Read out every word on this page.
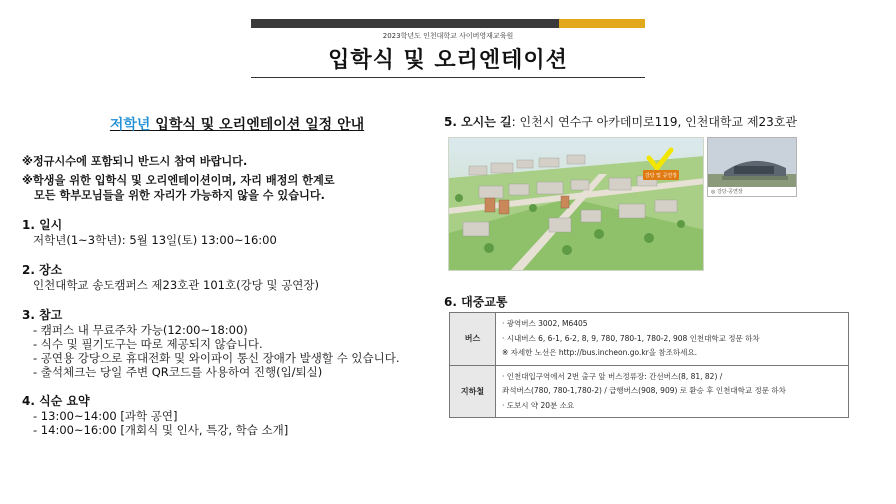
2023학년도 인천대학교 사이버영재교육원
입학식 및 오리엔테이션
저학년 입학식 및 오리엔테이션 일정 안내
※정규시수에 포함되니 반드시 참여 바랍니다.
※학생을 위한 입학식 및 오리엔테이션이며, 자리 배정의 한계로
모든 학부모님들을 위한 자리가 가능하지 않을 수 있습니다.
1. 일시
저학년(1~3학년): 5월 13일(토) 13:00~16:00
2. 장소
인천대학교 송도캠퍼스 제23호관 101호(강당 및 공연장)
3. 참고
- 캠퍼스 내 무료주차 가능(12:00~18:00)
- 식수 및 필기도구는 따로 제공되지 않습니다.
- 공연용 강당으로 휴대전화 및 와이파이 통신 장애가 발생할 수 있습니다.
- 출석체크는 당일 주변 QR코드를 사용하여 진행(입/퇴실)
4. 식순 요약
- 13:00~14:00 [과학 공연]
- 14:00~16:00 [개회식 및 인사, 특강, 학습 소개]
5. 오시는 길: 인천시 연수구 아카데미로119, 인천대학교 제23호관
강당 및 공연장
◎ 강당·공연장
6. 대중교통
버스	· 광역버스 3002, M6405
· 시내버스 6, 6-1, 6-2, 8, 9, 780, 780-1, 780-2, 908 인천대학교 정문 하차
※ 자세한 노선은 http://bus.incheon.go.kr을 참조하세요.

지하철	· 인천대입구역에서 2번 출구 앞 버스정류장: 간선버스(8, 81, 82) /
좌석버스(780, 780-1,780-2) / 급행버스(908, 909) 로 환승 후 인천대학교 정문 하차
· 도보시 약 20분 소요
